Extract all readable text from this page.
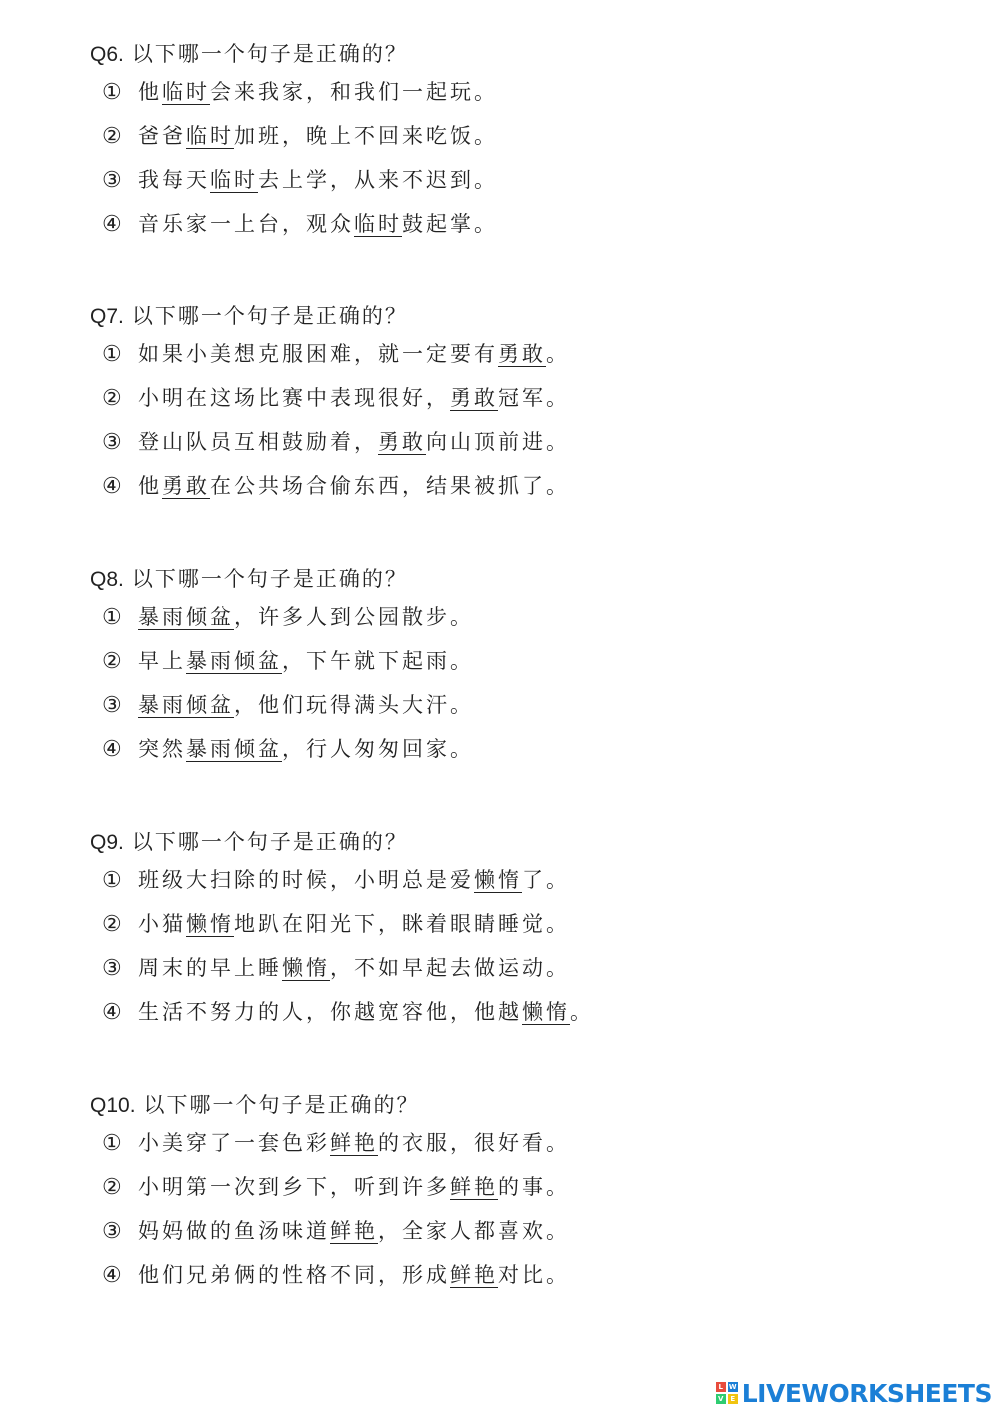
Q6. 以下哪一个句子是正确的？
① 他临时会来我家，和我们一起玩。
② 爸爸临时加班，晚上不回来吃饭。
③ 我每天临时去上学，从来不迟到。
④ 音乐家一上台，观众临时鼓起掌。
Q7. 以下哪一个句子是正确的？
① 如果小美想克服困难，就一定要有勇敢。
② 小明在这场比赛中表现很好，勇敢冠军。
③ 登山队员互相鼓励着，勇敢向山顶前进。
④ 他勇敢在公共场合偷东西，结果被抓了。
Q8. 以下哪一个句子是正确的？
① 暴雨倾盆，许多人到公园散步。
② 早上暴雨倾盆，下午就下起雨。
③ 暴雨倾盆，他们玩得满头大汗。
④ 突然暴雨倾盆，行人匆匆回家。
Q9. 以下哪一个句子是正确的？
① 班级大扫除的时候，小明总是爱懒惰了。
② 小猫懒惰地趴在阳光下，眯着眼睛睡觉。
③ 周末的早上睡懒惰，不如早起去做运动。
④ 生活不努力的人，你越宽容他，他越懒惰。
Q10. 以下哪一个句子是正确的？
① 小美穿了一套色彩鲜艳的衣服，很好看。
② 小明第一次到乡下，听到许多鲜艳的事。
③ 妈妈做的鱼汤味道鲜艳，全家人都喜欢。
④ 他们兄弟俩的性格不同，形成鲜艳对比。
L W
V E LIVEWORKSHEETS
